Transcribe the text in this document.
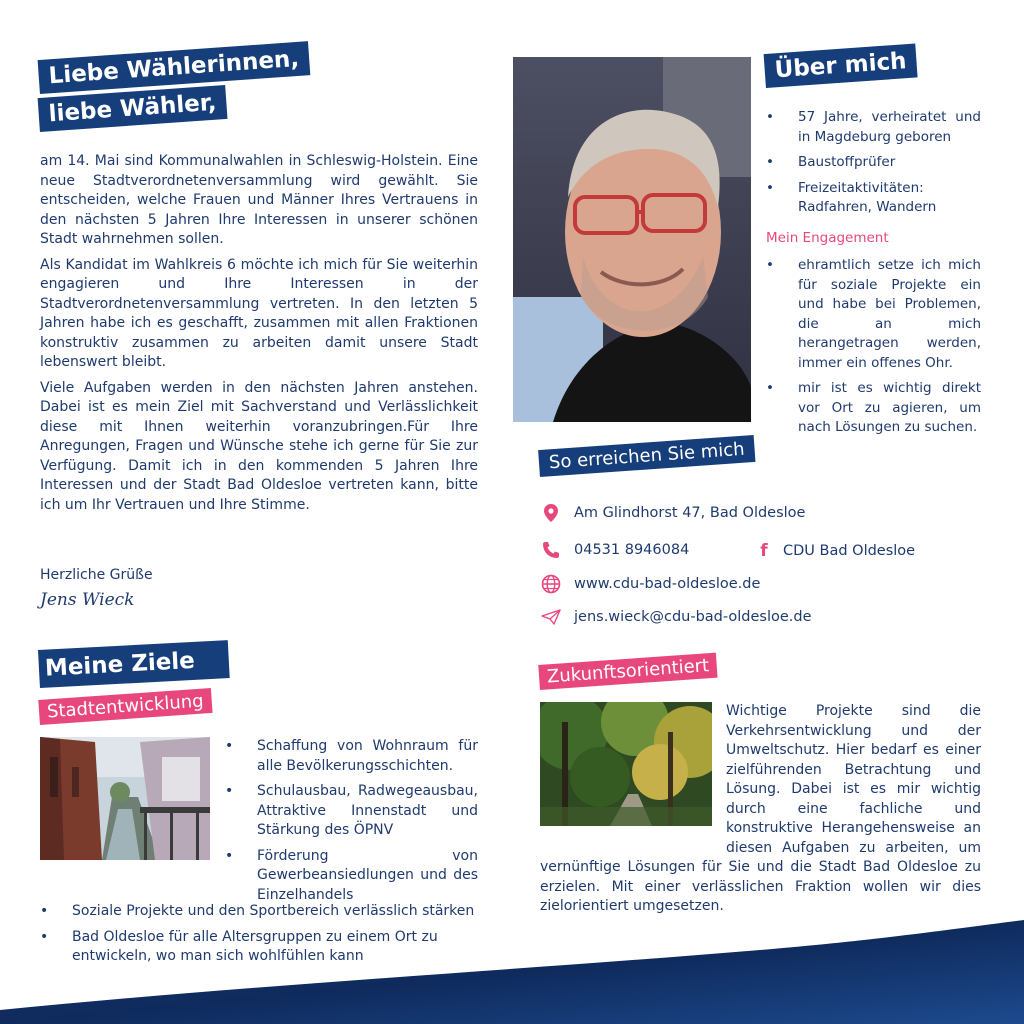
Liebe Wählerinnen,
liebe Wähler,

am 14. Mai sind Kommunalwahlen in Schleswig-Holstein. Eine neue Stadtverordnetenversammlung wird gewählt. Sie entscheiden, welche Frauen und Männer Ihres Vertrauens in den nächsten 5 Jahren Ihre Interessen in unserer schönen Stadt wahrnehmen sollen.

Als Kandidat im Wahlkreis 6 möchte ich mich für Sie weiterhin engagieren und Ihre Interessen in der Stadtverordnetenversammlung vertreten. In den letzten 5 Jahren habe ich es geschafft, zusammen mit allen Fraktionen konstruktiv zusammen zu arbeiten damit unsere Stadt lebenswert bleibt.

Viele Aufgaben werden in den nächsten Jahren anstehen. Dabei ist es mein Ziel mit Sachverstand und Verlässlichkeit diese mit Ihnen weiterhin voranzubringen.Für Ihre Anregungen, Fragen und Wünsche stehe ich gerne für Sie zur Verfügung. Damit ich in den kommenden 5 Jahren Ihre Interessen und der Stadt Bad Oldesloe vertreten kann, bitte ich um Ihr Vertrauen und Ihre Stimme.

Herzliche Grüße
Jens Wieck
Meine Ziele
Stadtentwicklung
• Schaffung von Wohnraum für alle Bevölkerungsschichten.
• Schulausbau, Radwegeausbau, Attraktive Innenstadt und Stärkung des ÖPNV
• Förderung von Gewerbeansiedlungen und des Einzelhandels
• Soziale Projekte und den Sportbereich verlässlich stärken
• Bad Oldesloe für alle Altersgruppen zu einem Ort zu entwickeln, wo man sich wohlfühlen kann
Über mich
• 57 Jahre, verheiratet und in Magdeburg geboren
• Baustoffprüfer
• Freizeitaktivitäten: Radfahren, Wandern
Mein Engagement
• ehramtlich setze ich mich für soziale Projekte ein und habe bei Problemen, die an mich herangetragen werden, immer ein offenes Ohr.
• mir ist es wichtig direkt vor Ort zu agieren, um nach Lösungen zu suchen.
So erreichen Sie mich
Am Glindhorst 47, Bad Oldesloe
04531 8946084	f	CDU Bad Oldesloe
www.cdu-bad-oldesloe.de
jens.wieck@cdu-bad-oldesloe.de
Zukunftsorientiert
Wichtige Projekte sind die Verkehrsentwicklung und der Umweltschutz. Hier bedarf es einer zielführenden Betrachtung und Lösung. Dabei ist es mir wichtig durch eine fachliche und konstruktive Herangehensweise an diesen Aufgaben zu arbeiten, um vernünftige Lösungen für Sie und die Stadt Bad Oldesloe zu erzielen. Mit einer verlässlichen Fraktion wollen wir dies zielorientiert umgesetzen.
